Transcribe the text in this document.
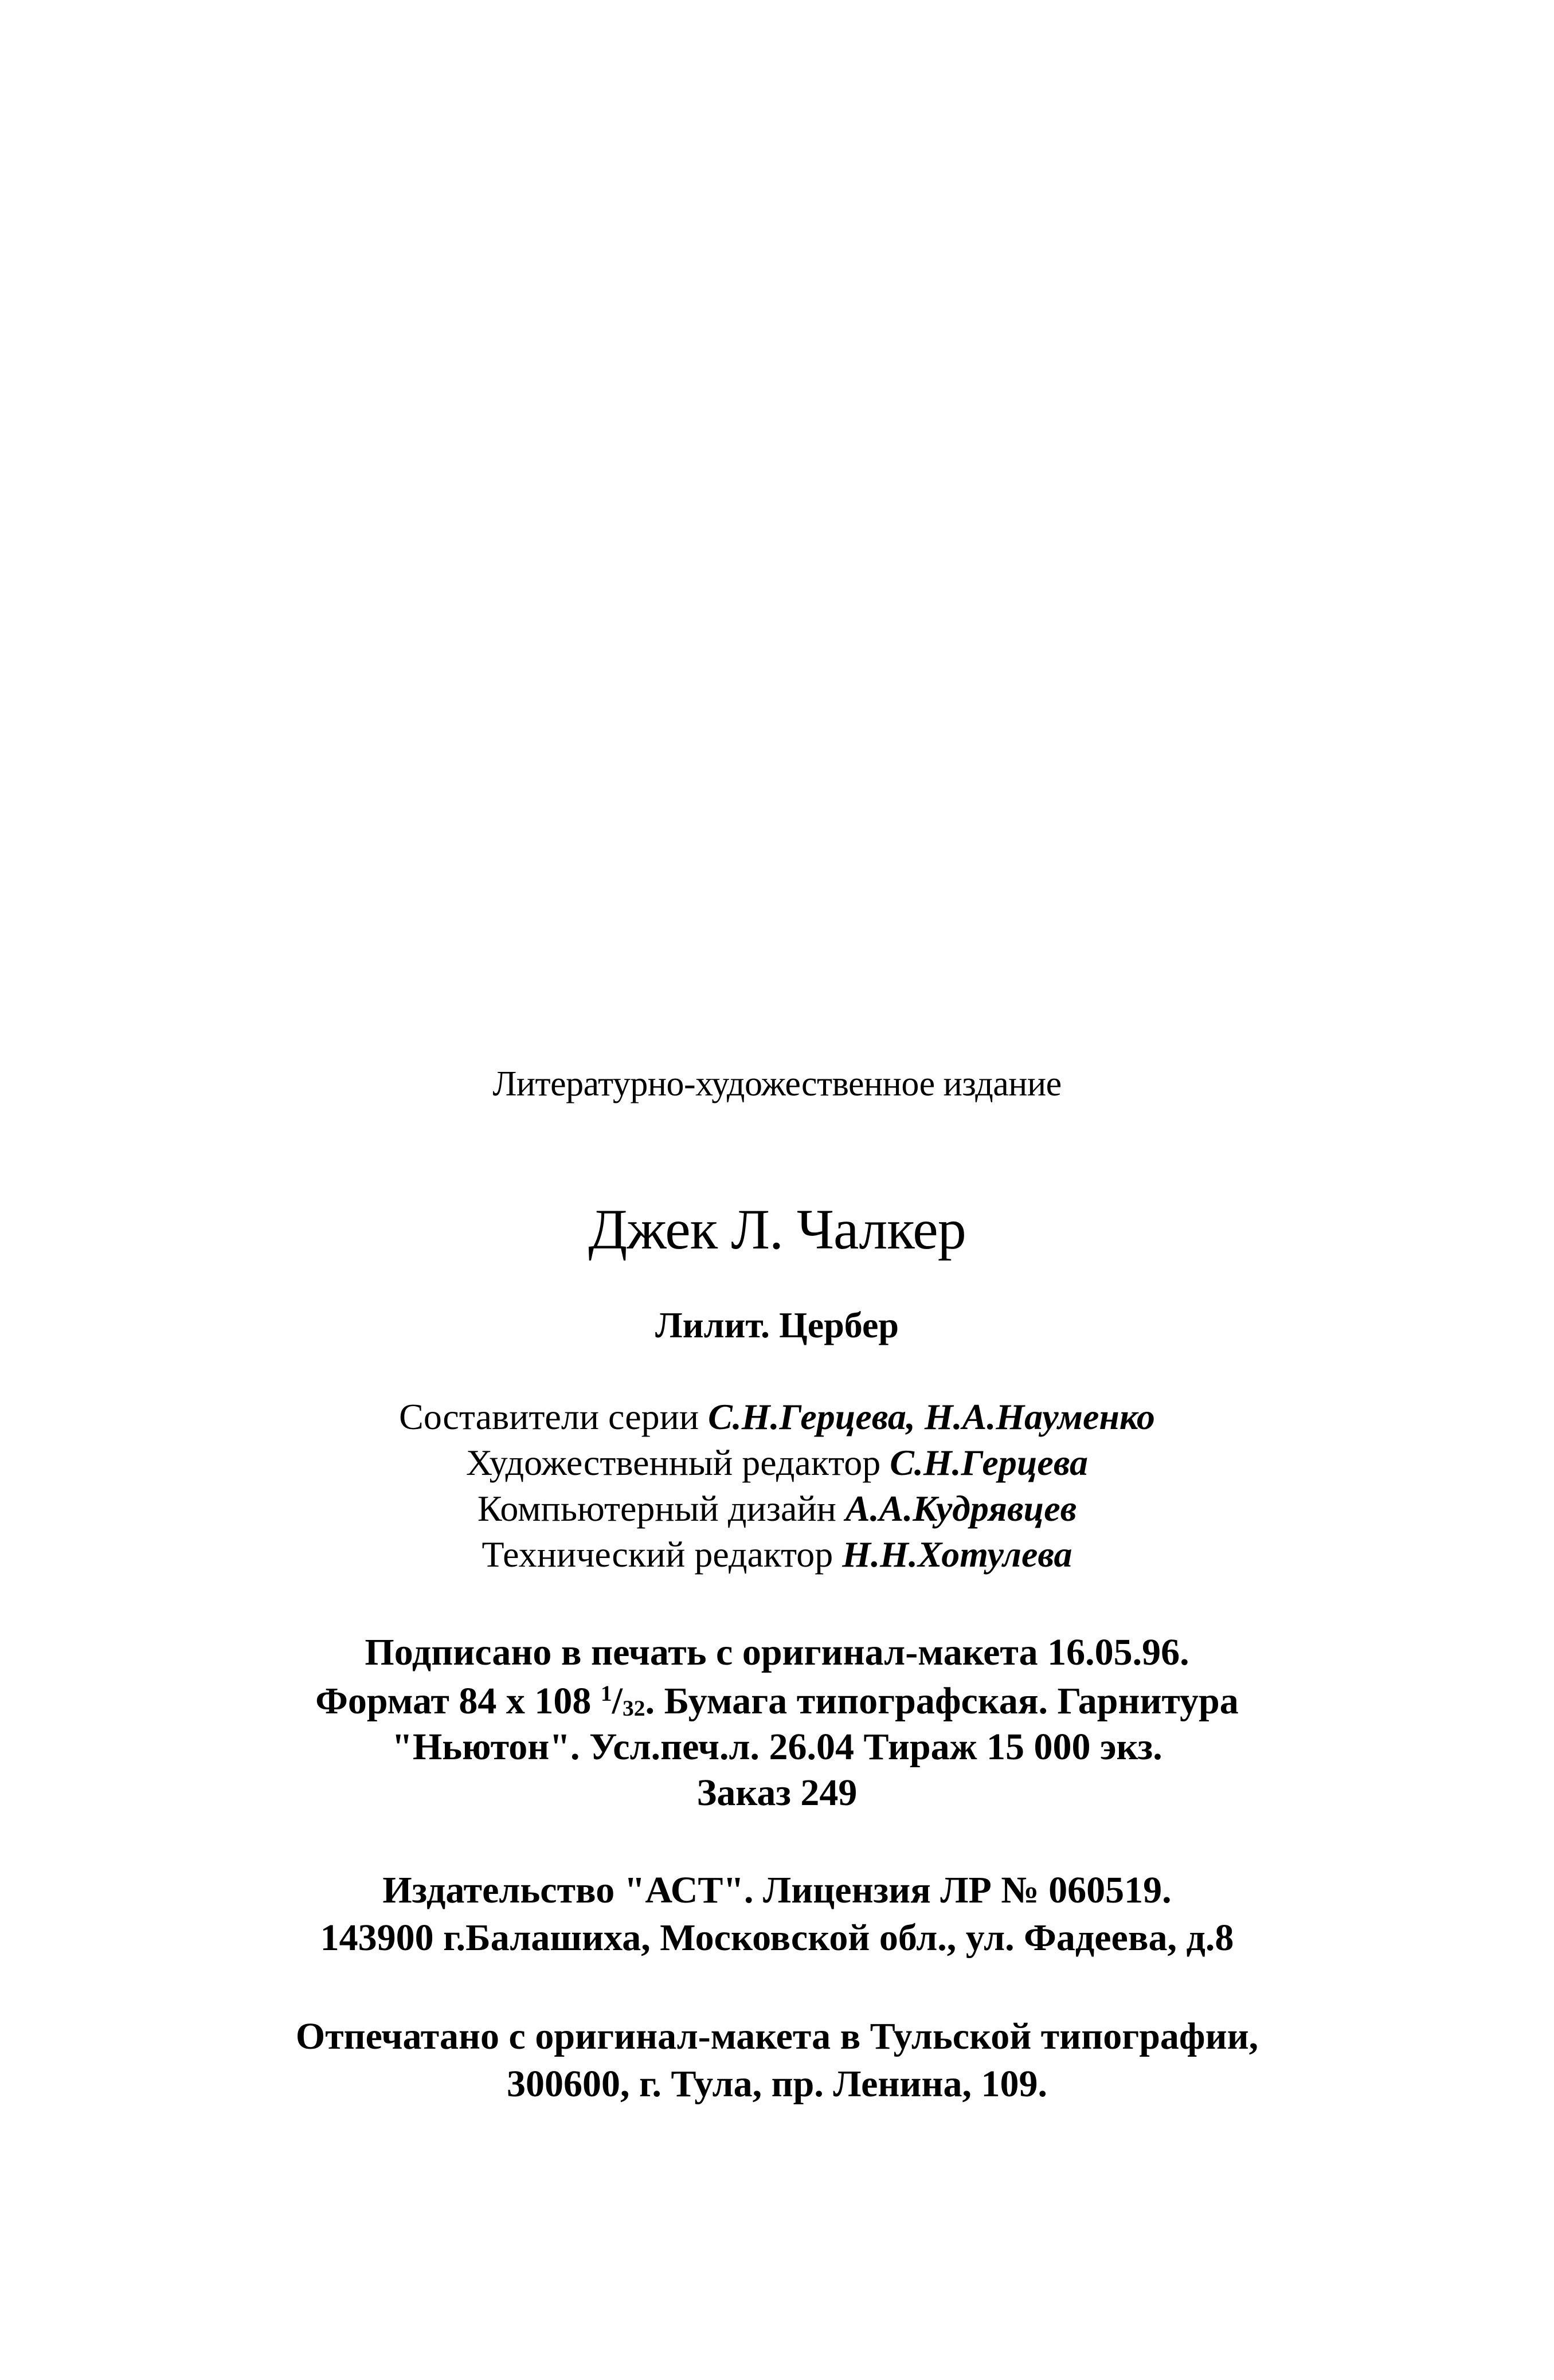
Литературно-художественное издание
Джек Л. Чалкер
Лилит. Цербер
Составители серии С.Н.Герцева, Н.А.Науменко
Художественный редактор С.Н.Герцева
Компьютерный дизайн А.А.Кудрявцев
Технический редактор Н.Н.Хотулева
Подписано в печать с оригинал-макета 16.05.96.
Формат 84 х 108 $^1/_{32}$. Бумага типографская. Гарнитура
"Ньютон". Усл.печ.л. 26.04 Тираж 15 000 экз.
Заказ 249
Издательство "АСТ". Лицензия ЛР № 060519.
143900 г.Балашиха, Московской обл., ул. Фадеева, д.8
Отпечатано с оригинал-макета в Тульской типографии,
300600, г. Тула, пр. Ленина, 109.
